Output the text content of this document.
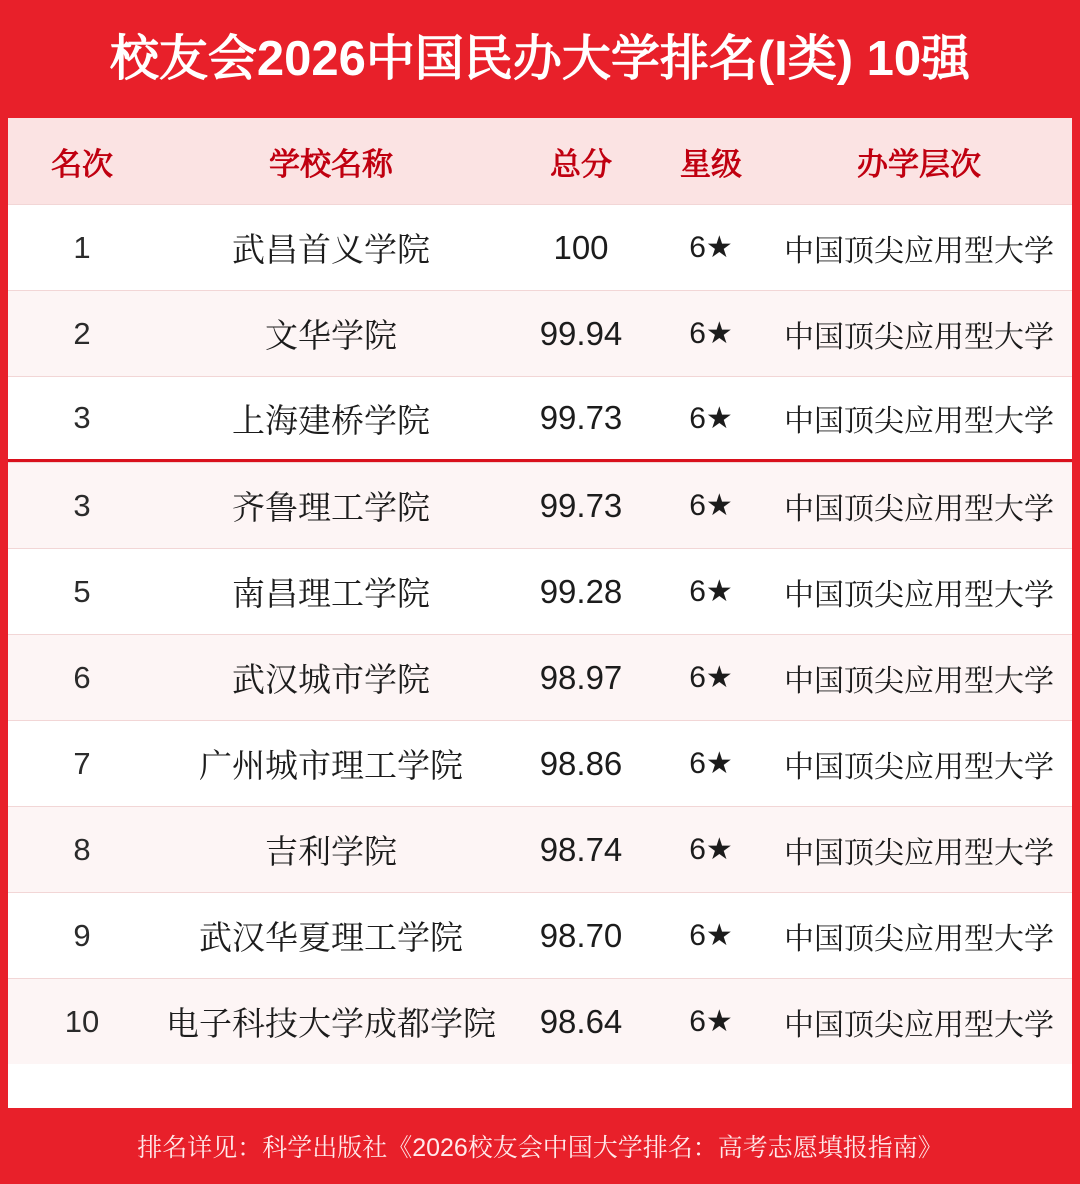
校友会2026中国民办大学排名(I类) 10强
名次	学校名称	总分	星级	办学层次
1	武昌首义学院	100	6★	中国顶尖应用型大学
2	文华学院	99.94	6★	中国顶尖应用型大学
3	上海建桥学院	99.73	6★	中国顶尖应用型大学
3	齐鲁理工学院	99.73	6★	中国顶尖应用型大学
5	南昌理工学院	99.28	6★	中国顶尖应用型大学
6	武汉城市学院	98.97	6★	中国顶尖应用型大学
7	广州城市理工学院	98.86	6★	中国顶尖应用型大学
8	吉利学院	98.74	6★	中国顶尖应用型大学
9	武汉华夏理工学院	98.70	6★	中国顶尖应用型大学
10	电子科技大学成都学院	98.64	6★	中国顶尖应用型大学
排名详见：科学出版社《2026校友会中国大学排名：高考志愿填报指南》
